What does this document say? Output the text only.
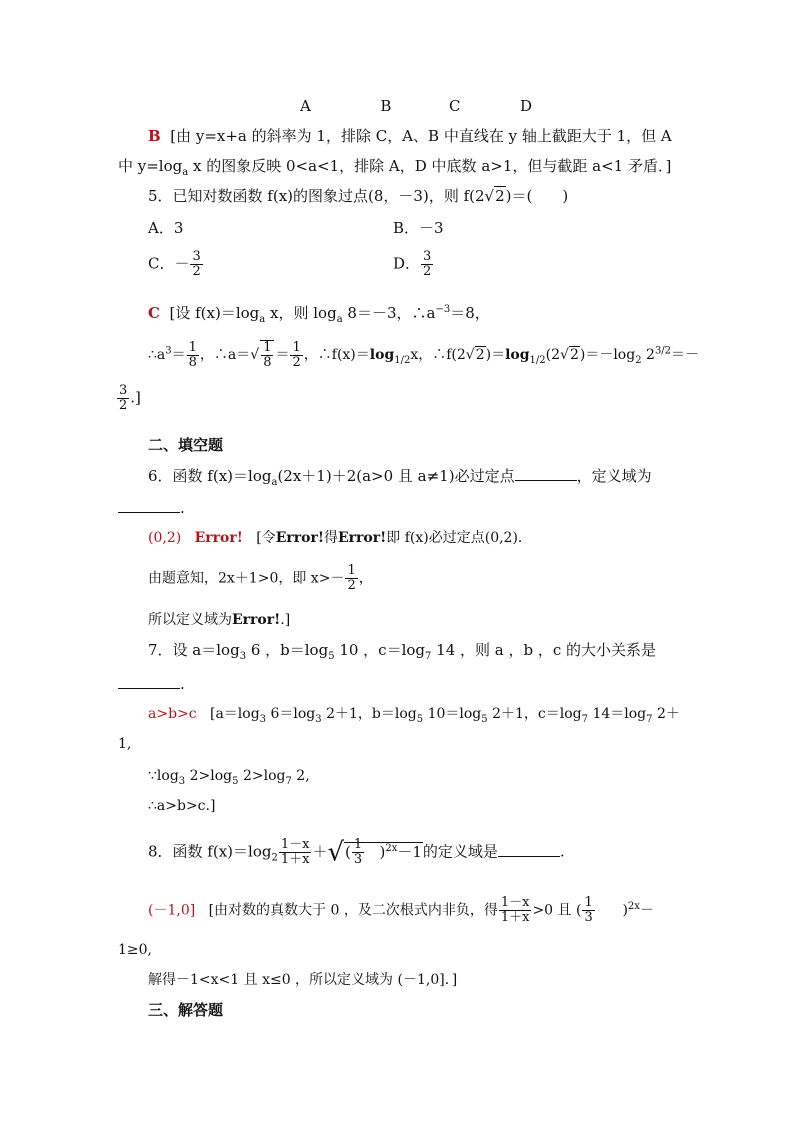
A	B	C	D
B [由 y=x+a 的斜率为 1，排除 C，A、B 中直线在 y 轴上截距大于 1，但 A
中 $y=\log_a$ x 的图象反映 0<a<1，排除 A，D 中底数 a>1，但与截距 a<1 矛盾．]
5．已知对数函数 f(x)的图象过点(8，－3)，则 f(2√2)＝(　　)
A．3	B．－3
C．－ $\frac{3}{2}$	D． $\frac{3}{2}$
C [设 $f(x)=\log_a$ x，则 $\log_a 8=-3$，$\therefore a^{-3}=8$，
$\therefore a^3= \frac{1}{8}$ ，∴a＝√ $\frac{1}{8} = \frac{1}{2}$ ，$\therefore f(x)=\log_{1/2}x$，$\therefore f(2√2)=\log_{1/2}(2√2)=-\log_2$ $2^{3/2}=-$
$\frac{3}{2}$ .]
二、填空题
6．函数 $f(x)=\log_a(2x+1)+2(a>0$ 且 a≠1)必过定点	，定义域为
.
(0,2) Error! [令Error!得Error!即 f(x)必过定点(0,2)．
由题意知，2x＋1>0，即 $x>- \frac{1}{2}$ ，
所以定义域为Error!.]
7．设 $a=\log_3$ 6 ，$b=\log_5$ 10 ，$c=\log_7$ 14 ，则 a ，b ，c 的大小关系是
.
a>b>c [$a=\log_3$ $6=\log_3$ 2＋1，$b=\log_5$ $10=\log_5$ 2＋1，$c=\log_7$ $14=\log_7$ 2＋
1,
$\because\log_3$ $2>\log_5$ $2>\log_7$ 2,
∴a>b>c.]
8．函数 $f(x)=\log_2 \frac{1-x}{1+x}$ ＋√( $\frac{1}{3} )^{2x}-1$的定义域是	.
(－1,0] [由对数的真数大于 0 ，及二次根式内非负，得 $\frac{1-x}{1+x} >0$ 且 ( $\frac{1}{3} )^{2x}-$
1≥0,
解得－1<x<1 且 x≤0 ，所以定义域为 (－1,0]．]
三、解答题
